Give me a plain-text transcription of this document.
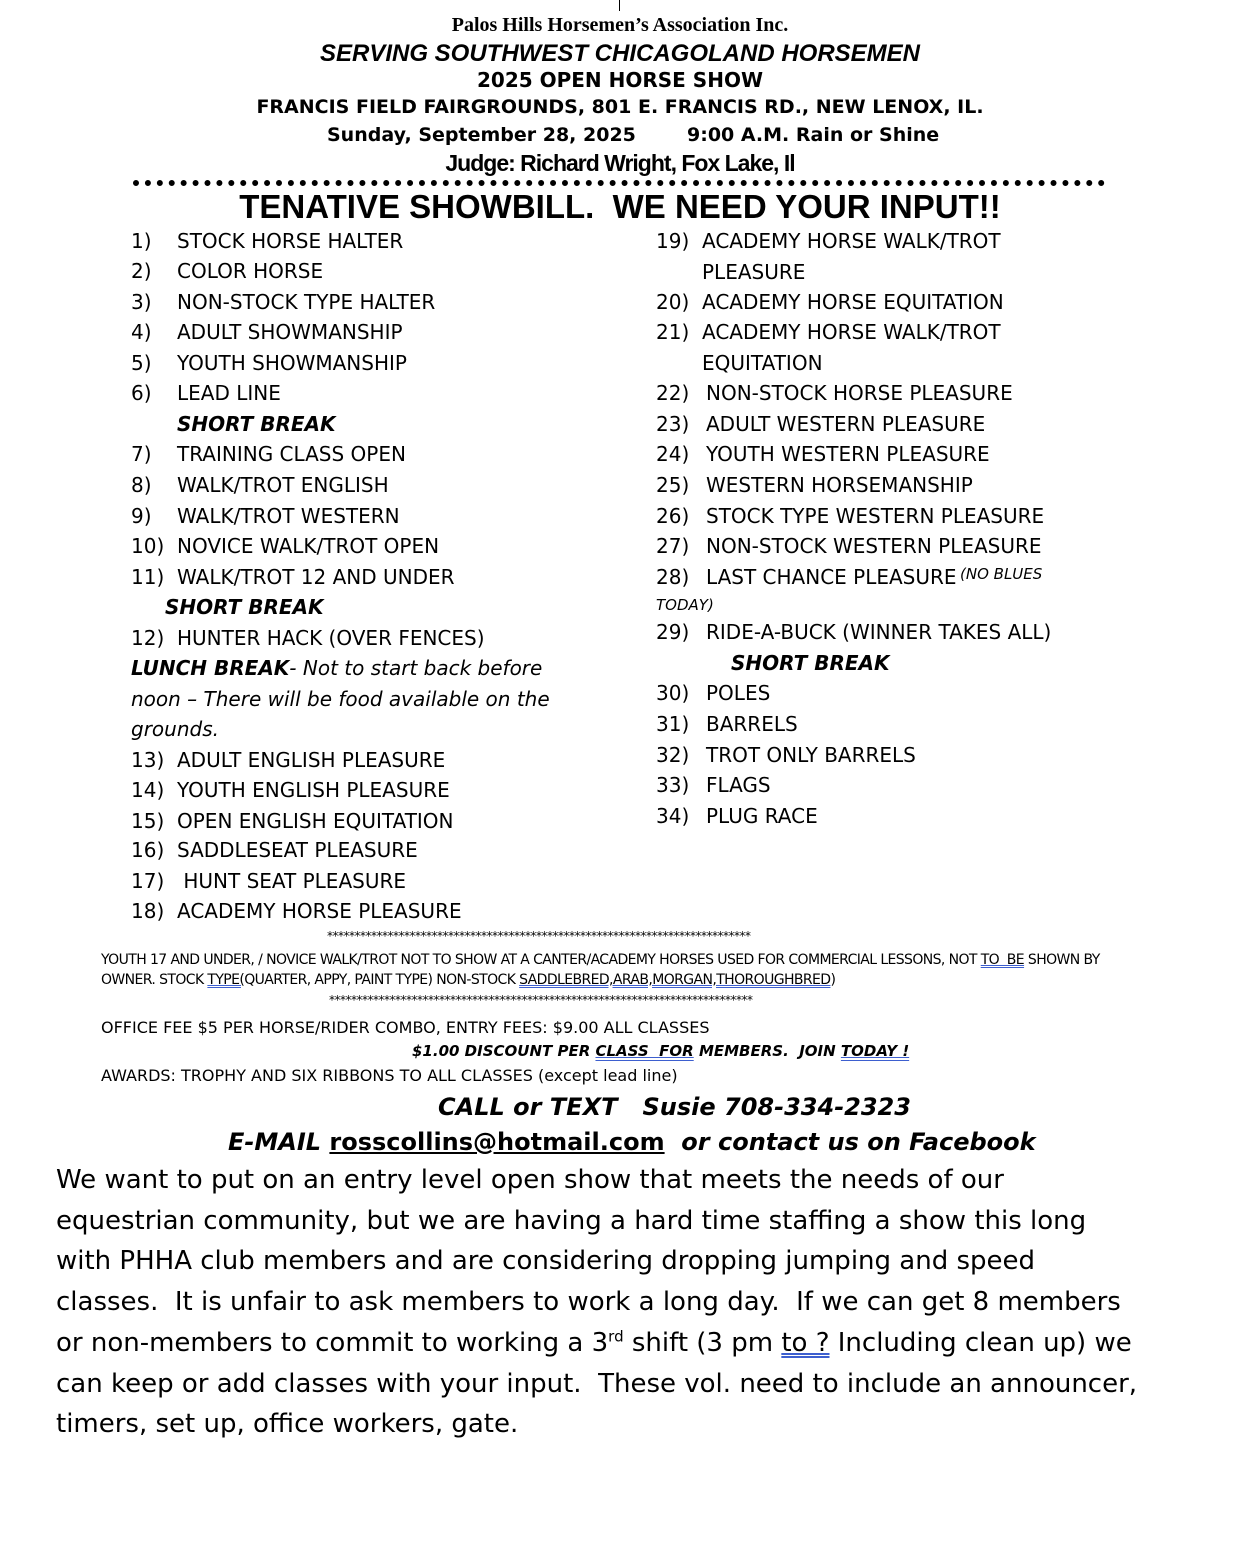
Palos Hills Horsemen’s Association Inc.
SERVING SOUTHWEST CHICAGOLAND HORSEMEN
2025 OPEN HORSE SHOW
FRANCIS FIELD FAIRGROUNDS, 801 E. FRANCIS RD., NEW LENOX, IL.
Sunday, September 28, 2025	9:00 A.M. Rain or Shine
Judge: Richard Wright, Fox Lake, Il
TENATIVE SHOWBILL.  WE NEED YOUR INPUT!!
1) STOCK HORSE HALTER
2) COLOR HORSE
3) NON-STOCK TYPE HALTER
4) ADULT SHOWMANSHIP
5) YOUTH SHOWMANSHIP
6) LEAD LINE
SHORT BREAK
7) TRAINING CLASS OPEN
8) WALK/TROT ENGLISH
9) WALK/TROT WESTERN
10) NOVICE WALK/TROT OPEN
11) WALK/TROT 12 AND UNDER
SHORT BREAK
12) HUNTER HACK (OVER FENCES)
LUNCH BREAK- Not to start back before
noon – There will be food available on the
grounds.
13) ADULT ENGLISH PLEASURE
14) YOUTH ENGLISH PLEASURE
15) OPEN ENGLISH EQUITATION
16) SADDLESEAT PLEASURE
17) HUNT SEAT PLEASURE
18) ACADEMY HORSE PLEASURE
19) ACADEMY HORSE WALK/TROT
PLEASURE
20) ACADEMY HORSE EQUITATION
21) ACADEMY HORSE WALK/TROT
EQUITATION
22) NON-STOCK HORSE PLEASURE
23) ADULT WESTERN PLEASURE
24) YOUTH WESTERN PLEASURE
25) WESTERN HORSEMANSHIP
26) STOCK TYPE WESTERN PLEASURE
27) NON-STOCK WESTERN PLEASURE
28) LAST CHANCE PLEASURE (NO BLUES
TODAY)
29) RIDE-A-BUCK (WINNER TAKES ALL)
SHORT BREAK
30) POLES
31) BARRELS
32) TROT ONLY BARRELS
33) FLAGS
34) PLUG RACE
*****************************************************************************
YOUTH 17 AND UNDER, / NOVICE WALK/TROT NOT TO SHOW AT A CANTER/ACADEMY HORSES USED FOR COMMERCIAL LESSONS, NOT TO  BE SHOWN BY
OWNER. STOCK TYPE(QUARTER, APPY, PAINT TYPE) NON-STOCK SADDLEBRED,ARAB,MORGAN,THOROUGHBRED)
*****************************************************************************
OFFICE FEE $5 PER HORSE/RIDER COMBO, ENTRY FEES: $9.00 ALL CLASSES
$1.00 DISCOUNT PER CLASS  FOR MEMBERS.  JOIN TODAY !
AWARDS: TROPHY AND SIX RIBBONS TO ALL CLASSES (except lead line)
CALL or TEXT   Susie 708-334-2323
E-MAIL rosscollins@hotmail.com  or contact us on Facebook
We want to put on an entry level open show that meets the needs of our
equestrian community, but we are having a hard time staffing a show this long
with PHHA club members and are considering dropping jumping and speed
classes.  It is unfair to ask members to work a long day.  If we can get 8 members
or non-members to commit to working a 3rd shift (3 pm to ? Including clean up) we
can keep or add classes with your input.  These vol. need to include an announcer,
timers, set up, office workers, gate.
